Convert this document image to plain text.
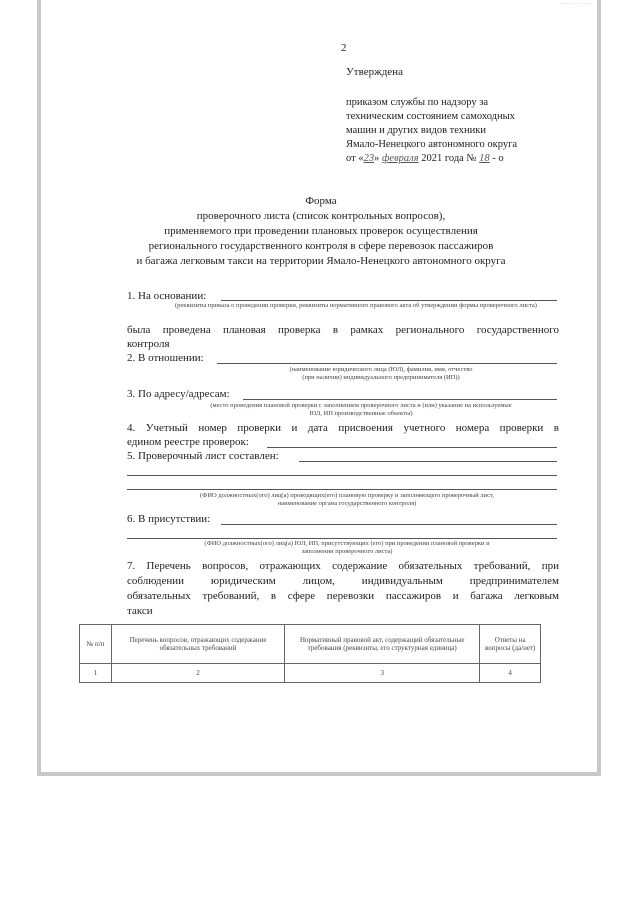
··········
2
Утверждена
приказом службы по надзору за
техническим состоянием самоходных
машин и других видов техники
Ямало-Ненецкого автономного округа
от «23» февраля 2021 года № 18 - о
Форма
проверочного листа (список контрольных вопросов),
применяемого при проведении плановых проверок осуществления
регионального государственного контроля в сфере перевозок пассажиров
и багажа легковым такси на территории Ямало-Ненецкого автономного округа
1. На основании:
(реквизиты приказа о проведении проверки, реквизиты нормативного правового акта об утверждении формы проверочного листа)
была проведена плановая проверка в рамках регионального государственного
контроля
2. В отношении:
(наименование юридического лица (ЮЛ), фамилия, имя, отчество
(при наличии) индивидуального предпринимателя (ИП))
3. По адресу/адресам:
(место проведения плановой проверки с заполнением проверочного листа и (или) указание на используемые
ЮЛ, ИП производственные объекты)
4. Учетный номер проверки и дата присвоения учетного номера проверки в
едином реестре проверок:
5. Проверочный лист составлен:
(ФИО должностных(ого) лиц(а) проводящих(его) плановую проверку и заполняющего проверочный лист,
наименование органа государственного контроля)
6. В присутствии:
(ФИО должностных(ого) лиц(а) ЮЛ, ИП, присутствующих (его) при проведении плановой проверки и
заполнении проверочного листа)
7. Перечень вопросов, отражающих содержание обязательных требований, при
соблюдении юридическим лицом, индивидуальным предпринимателем
обязательных требований, в сфере перевозки пассажиров и багажа легковым
такси
№ п/п	Перечень вопросов, отражающих содержание обязательных требований	Нормативный правовой акт, содержащий обязательные требования (реквизиты, его структурная единица)	Ответы на вопросы (да/нет)
1	2	3	4
